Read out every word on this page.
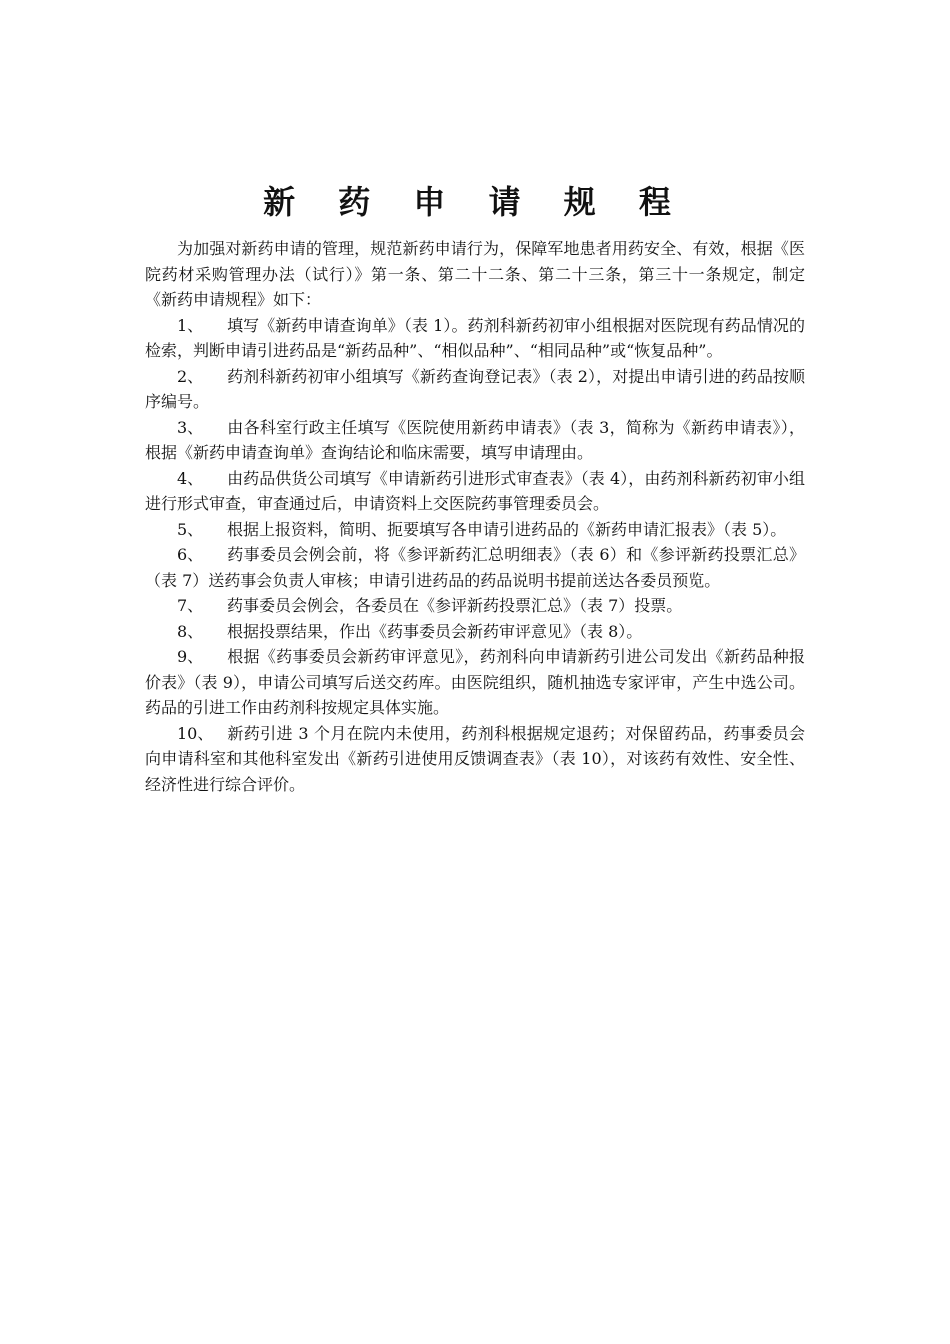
新 药 申 请 规 程

为加强对新药申请的管理，规范新药申请行为，保障军地患者用药安全、有效，根据《医院药材采购管理办法（试行）》第一条、第二十二条、第二十三条，第三十一条规定，制定《新药申请规程》如下：

1、 填写《新药申请查询单》（表 1）。药剂科新药初审小组根据对医院现有药品情况的检索，判断申请引进药品是“新药品种”、“相似品种”、“相同品种”或“恢复品种”。

2、 药剂科新药初审小组填写《新药查询登记表》（表 2），对提出申请引进的药品按顺序编号。

3、 由各科室行政主任填写《医院使用新药申请表》（表 3，简称为《新药申请表》），根据《新药申请查询单》查询结论和临床需要，填写申请理由。

4、 由药品供货公司填写《申请新药引进形式审查表》（表 4），由药剂科新药初审小组进行形式审查，审查通过后，申请资料上交医院药事管理委员会。

5、 根据上报资料，简明、扼要填写各申请引进药品的《新药申请汇报表》（表 5）。

6、 药事委员会例会前，将《参评新药汇总明细表》（表 6）和《参评新药投票汇总》（表 7）送药事会负责人审核；申请引进药品的药品说明书提前送达各委员预览。

7、 药事委员会例会，各委员在《参评新药投票汇总》（表 7）投票。

8、 根据投票结果，作出《药事委员会新药审评意见》（表 8）。

9、 根据《药事委员会新药审评意见》，药剂科向申请新药引进公司发出《新药品种报价表》（表 9），申请公司填写后送交药库。由医院组织，随机抽选专家评审，产生中选公司。药品的引进工作由药剂科按规定具体实施。

10、 新药引进 3 个月在院内未使用，药剂科根据规定退药；对保留药品，药事委员会向申请科室和其他科室发出《新药引进使用反馈调查表》（表 10），对该药有效性、安全性、经济性进行综合评价。
